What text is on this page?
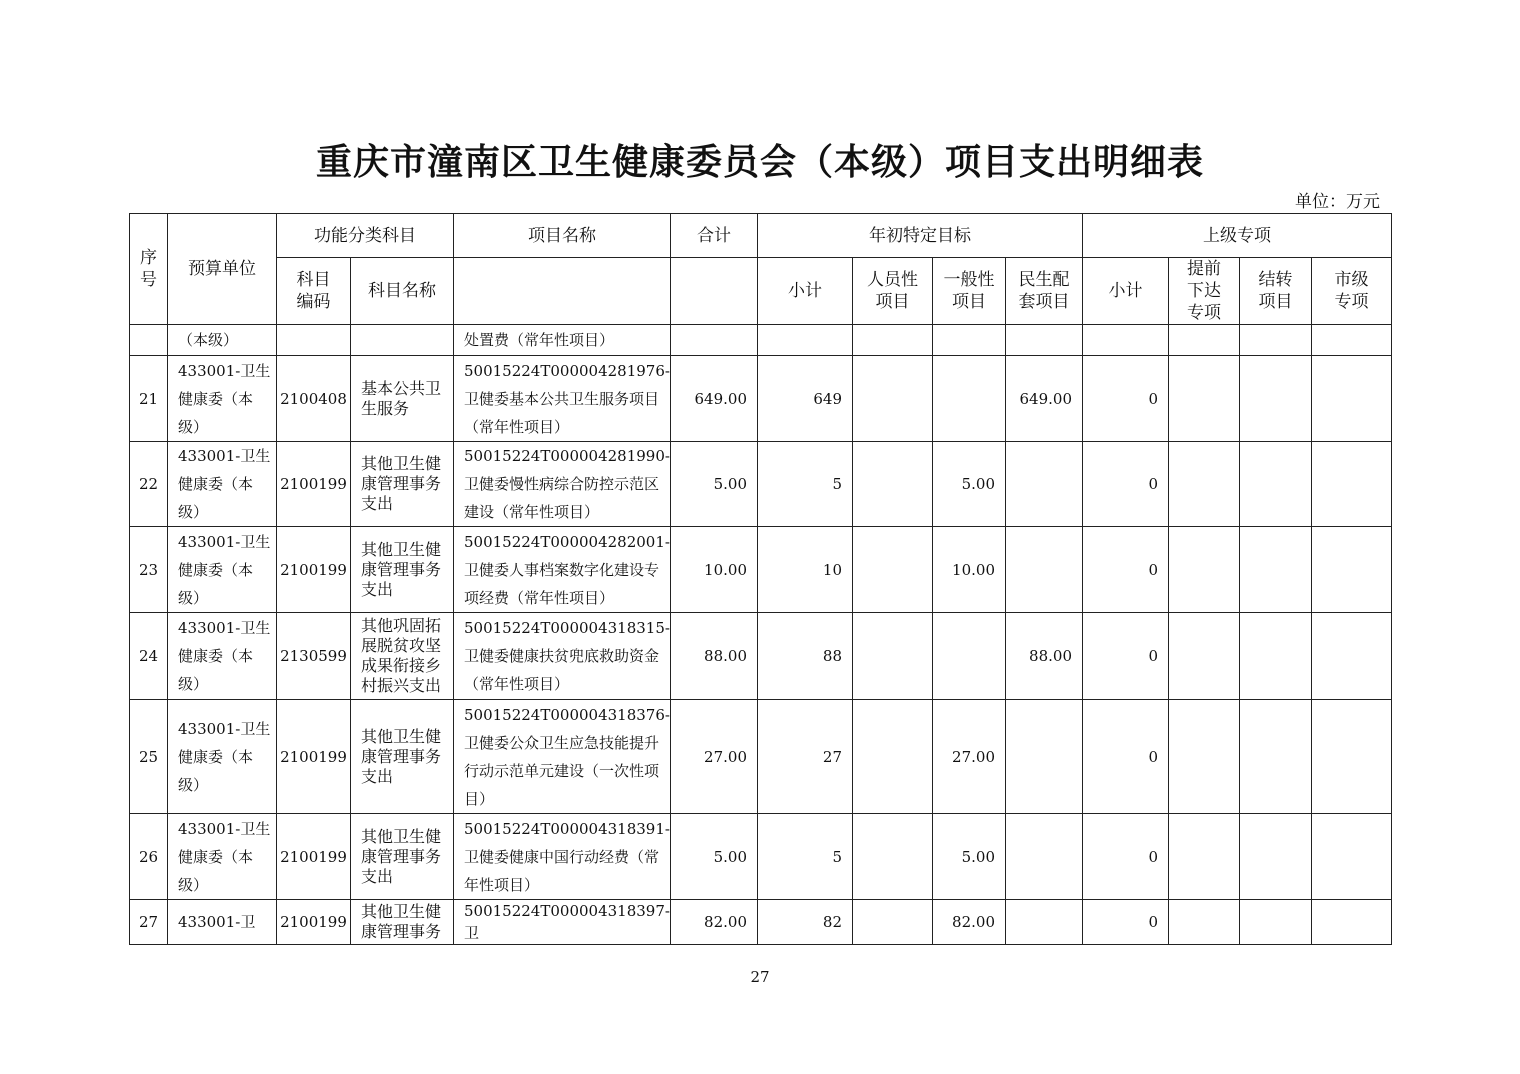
重庆市潼南区卫生健康委员会（本级）项目支出明细表
单位：万元
序号	预算单位	功能分类科目		项目名称	合计	年初特定目标				上级专项			
		科目编码	科目名称			小计	人员性项目	一般性项目	民生配套项目	小计	提前下达专项	结转项目	市级专项
	（本级）			处置费（常年性项目）									
21	433001-卫生健康委（本级）	2100408	基本公共卫生服务	50015224T000004281976-卫健委基本公共卫生服务项目（常年性项目）	649.00	649			649.00	0			
22	433001-卫生健康委（本级）	2100199	其他卫生健康管理事务支出	50015224T000004281990-卫健委慢性病综合防控示范区建设（常年性项目）	5.00	5		5.00		0			
23	433001-卫生健康委（本级）	2100199	其他卫生健康管理事务支出	50015224T000004282001-卫健委人事档案数字化建设专项经费（常年性项目）	10.00	10		10.00		0			
24	433001-卫生健康委（本级）	2130599	其他巩固拓展脱贫攻坚成果衔接乡村振兴支出	50015224T000004318315-卫健委健康扶贫兜底救助资金（常年性项目）	88.00	88			88.00	0			
25	433001-卫生健康委（本级）	2100199	其他卫生健康管理事务支出	50015224T000004318376-卫健委公众卫生应急技能提升行动示范单元建设（一次性项目）	27.00	27		27.00		0			
26	433001-卫生健康委（本级）	2100199	其他卫生健康管理事务支出	50015224T000004318391-卫健委健康中国行动经费（常年性项目）	5.00	5		5.00		0			
27	433001-卫	2100199	其他卫生健康管理事务	50015224T000004318397-卫	82.00	82		82.00		0			
27
